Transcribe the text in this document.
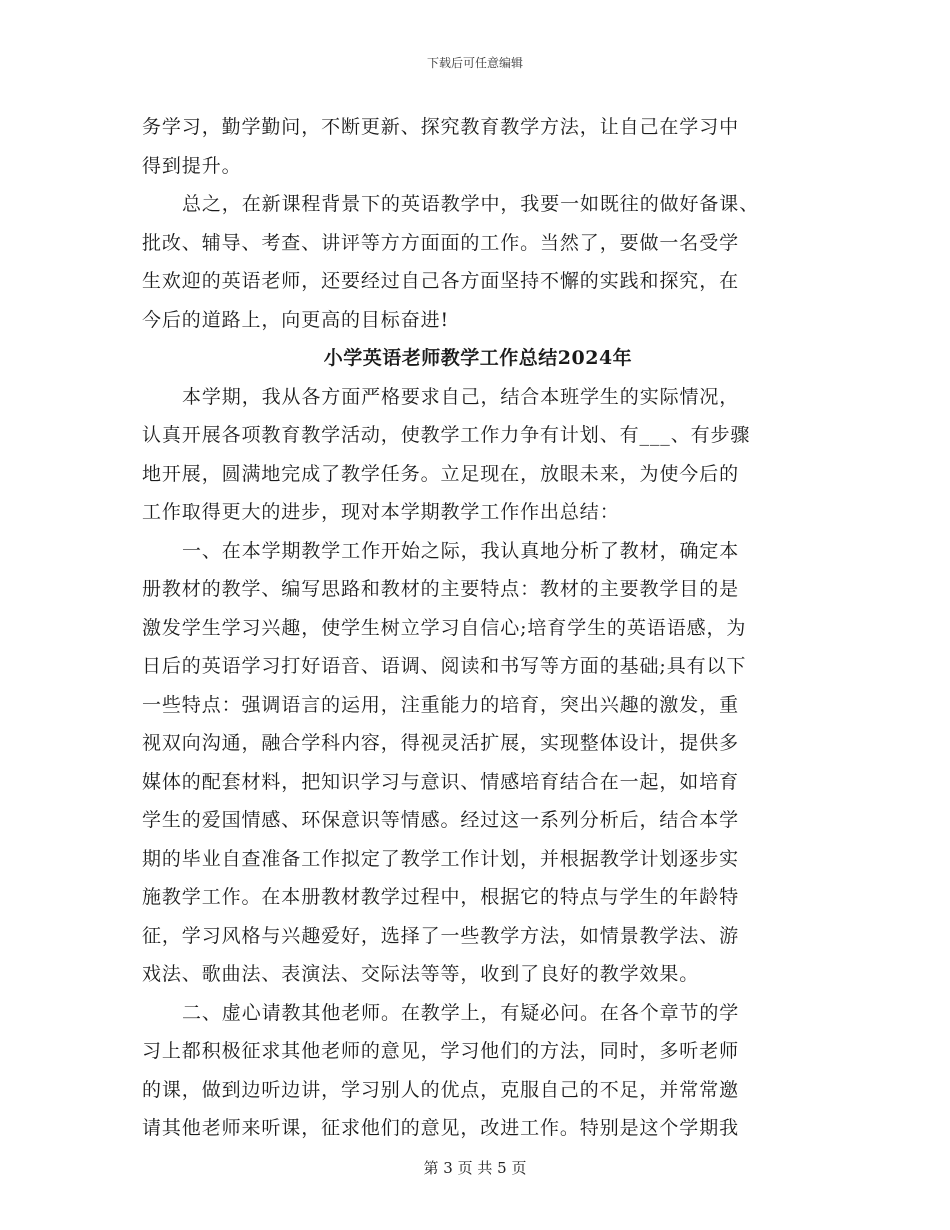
下载后可任意编辑
务学习，勤学勤问，不断更新、探究教育教学方法，让自己在学习中
得到提升。
总之，在新课程背景下的英语教学中，我要一如既往的做好备课、
批改、辅导、考查、讲评等方方面面的工作。当然了，要做一名受学
生欢迎的英语老师，还要经过自己各方面坚持不懈的实践和探究，在
今后的道路上，向更高的目标奋进!
小学英语老师教学工作总结2024年
本学期，我从各方面严格要求自己，结合本班学生的实际情况，
认真开展各项教育教学活动，使教学工作力争有计划、有___、有步骤
地开展，圆满地完成了教学任务。立足现在，放眼未来，为使今后的
工作取得更大的进步，现对本学期教学工作作出总结：
一、在本学期教学工作开始之际，我认真地分析了教材，确定本
册教材的教学、编写思路和教材的主要特点：教材的主要教学目的是
激发学生学习兴趣，使学生树立学习自信心;培育学生的英语语感，为
日后的英语学习打好语音、语调、阅读和书写等方面的基础;具有以下
一些特点：强调语言的运用，注重能力的培育，突出兴趣的激发，重
视双向沟通，融合学科内容，得视灵活扩展，实现整体设计，提供多
媒体的配套材料，把知识学习与意识、情感培育结合在一起，如培育
学生的爱国情感、环保意识等情感。经过这一系列分析后，结合本学
期的毕业自查准备工作拟定了教学工作计划，并根据教学计划逐步实
施教学工作。在本册教材教学过程中，根据它的特点与学生的年龄特
征，学习风格与兴趣爱好，选择了一些教学方法，如情景教学法、游
戏法、歌曲法、表演法、交际法等等，收到了良好的教学效果。
二、虚心请教其他老师。在教学上，有疑必问。在各个章节的学
习上都积极征求其他老师的意见，学习他们的方法，同时，多听老师
的课，做到边听边讲，学习别人的优点，克服自己的不足，并常常邀
请其他老师来听课，征求他们的意见，改进工作。特别是这个学期我
第 3 页 共 5 页
